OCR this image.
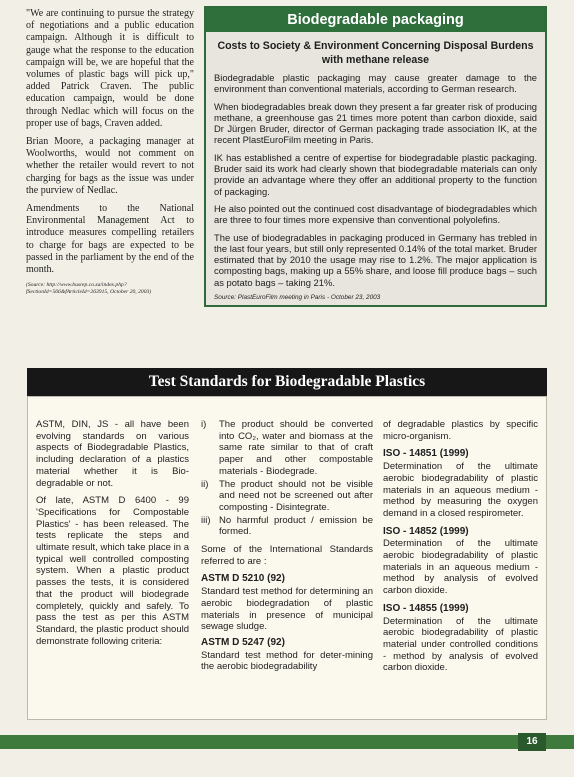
"We are continuing to pursue the strategy of negotiations and a public education campaign. Although it is difficult to gauge what the response to the education campaign will be, we are hopeful that the volumes of plastic bags will pick up," added Patrick Craven. The public education campaign, would be done through Nedlac which will focus on the proper use of bags, Craven added.

Brian Moore, a packaging manager at Woolworths, would not comment on whether the retailer would revert to not charging for bags as the issue was under the purview of Nedlac.

Amendments to the National Environmental Management Act to introduce measures compelling retailers to charge for bags are expected to be passed in the parliament by the end of the month.

(Source: http://www.busrep.co.za/index.php?fSectionId=566&fArticleId=263915, October 20, 2003)
Biodegradable packaging
Costs to Society & Environment Concerning Disposal Burdens with methane release

Biodegradable plastic packaging may cause greater damage to the environment than conventional materials, according to German research.

When biodegradables break down they present a far greater risk of producing methane, a greenhouse gas 21 times more potent than carbon dioxide, said Dr Jürgen Bruder, director of German packaging trade association IK, at the recent PlastEuroFilm meeting in Paris.

IK has established a centre of expertise for biodegradable plastic packaging. Bruder said its work had clearly shown that biodegradable materials can only provide an advantage where they offer an additional property to the function of packaging.

He also pointed out the continued cost disadvantage of biodegradables which are three to four times more expensive than conventional polyolefins.

The use of biodegradables in packaging produced in Germany has trebled in the last four years, but still only represented 0.14% of the total market. Bruder estimated that by 2010 the usage may rise to 1.2%. The major application is composting bags, making up a 55% share, and loose fill produce bags – such as potato bags – taking 21%.

Source: PlastEuroFilm meeting in Paris - October 23, 2003
Test Standards for Biodegradable Plastics

ASTM, DIN, JS - all have been evolving standards on various aspects of Biodegradable Plastics, including declaration of a plastics material whether it is Bio-degradable or not.

Of late, ASTM D 6400 - 99 'Specifications for Compostable Plastics' - has been released. The tests replicate the steps and ultimate result, which take place in a typical well controlled composting system. When a plastic product passes the tests, it is considered that the product will biodegrade completely, quickly and safely. To pass the test as per this ASTM Standard, the plastic product should demonstrate following criteria:

i)	The product should be converted into CO₂, water and biomass at the same rate similar to that of craft paper and other compostable materials - Biodegrade.
ii)	The product should not be visible and need not be screened out after composting - Disintegrate.
iii) No harmful product / emission be formed.

Some of the International Standards referred to are :

ASTM D 5210 (92)

Standard test method for determining an aerobic biodegradation of plastic materials in presence of municipal sewage sludge.

ASTM D 5247 (92)

Standard test method for deter-mining the aerobic biodegradability

of degradable plastics by specific micro-organism.

ISO - 14851 (1999)

Determination of the ultimate aerobic biodegradability of plastic materials in an aqueous medium - method by measuring the oxygen demand in a closed respirometer.

ISO - 14852 (1999)

Determination of the ultimate aerobic biodegradability of plastic materials in an aqueous medium - method by analysis of evolved carbon dioxide.

ISO - 14855 (1999)

Determination of the ultimate aerobic biodegradability of plastic material under controlled conditions - method by analysis of evolved carbon dioxide.

16
